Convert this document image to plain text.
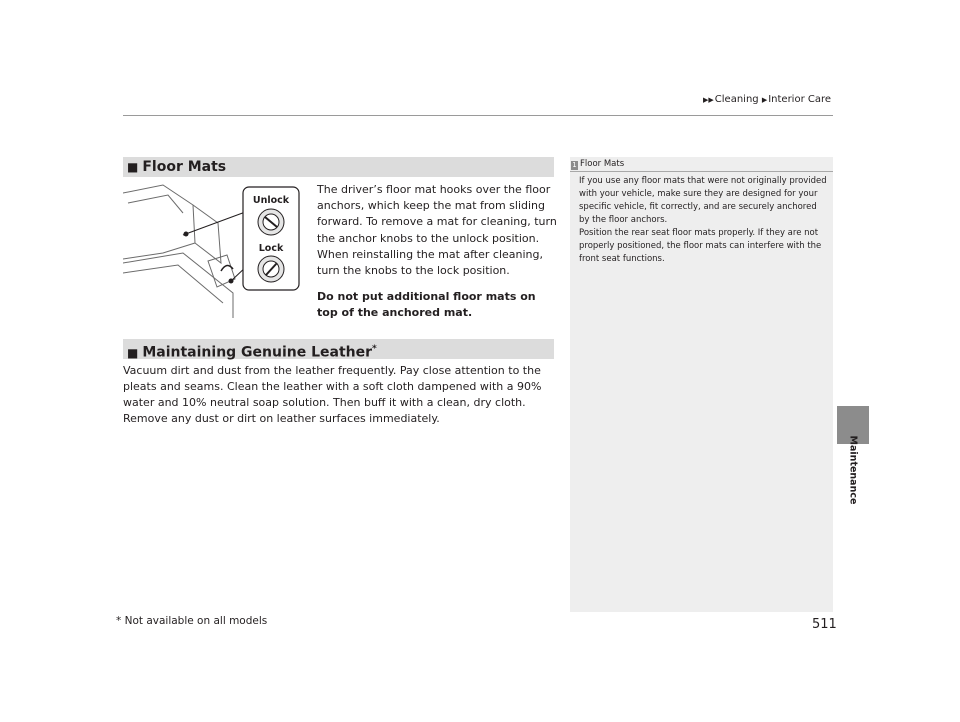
▶▶Cleaning ▶Interior Care
Maintenance
■ Floor Mats
Unlock
Lock
The driver’s floor mat hooks over the floor anchors, which keep the mat from sliding forward. To remove a mat for cleaning, turn the anchor knobs to the unlock position. When reinstalling the mat after cleaning, turn the knobs to the lock position.
Do not put additional floor mats on top of the anchored mat.
■ Maintaining Genuine Leather*
Vacuum dirt and dust from the leather frequently. Pay close attention to the pleats and seams. Clean the leather with a soft cloth dampened with a 90% water and 10% neutral soap solution. Then buff it with a clean, dry cloth. Remove any dust or dirt on leather surfaces immediately.
1 Floor Mats
If you use any floor mats that were not originally provided with your vehicle, make sure they are designed for your specific vehicle, fit correctly, and are securely anchored by the floor anchors.
Position the rear seat floor mats properly. If they are not properly positioned, the floor mats can interfere with the front seat functions.
* Not available on all models	511
